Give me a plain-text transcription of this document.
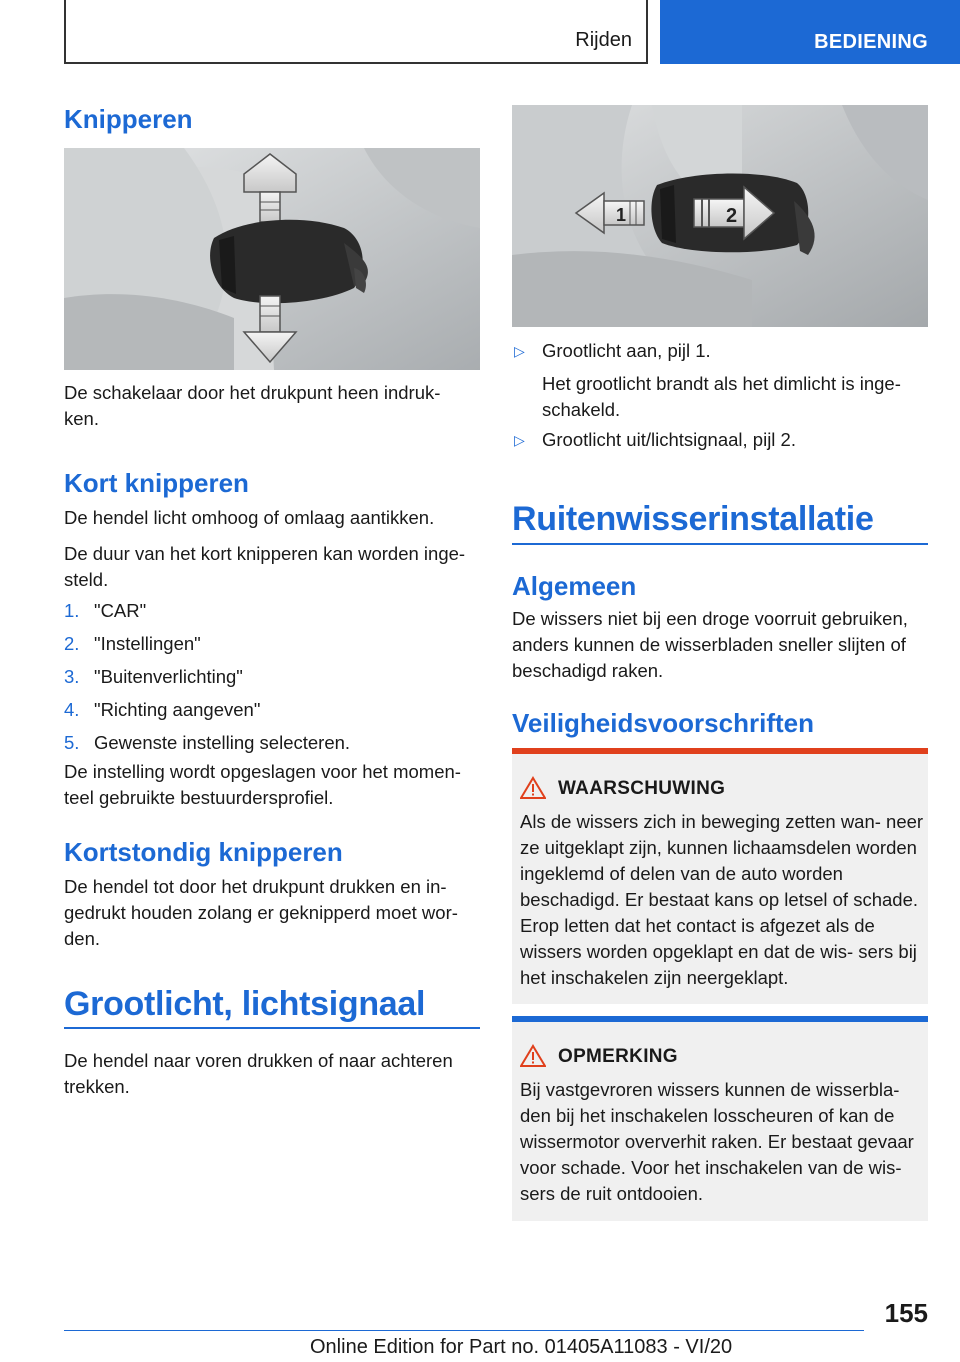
Rijden	BEDIENING
Knipperen

De schakelaar door het drukpunt heen indruk- ken.

Kort knipperen

De hendel licht omhoog of omlaag aantikken.

De duur van het kort knipperen kan worden inge- steld.

1. "CAR"
2. "Instellingen"
3. "Buitenverlichting"
4. "Richting aangeven"
5. Gewenste instelling selecteren.

De instelling wordt opgeslagen voor het momen- teel gebruikte bestuurdersprofiel.

Kortstondig knipperen

De hendel tot door het drukpunt drukken en in- gedrukt houden zolang er geknipperd moet wor- den.

Grootlicht, lichtsignaal

De hendel naar voren drukken of naar achteren trekken.

1	2
▷ Grootlicht aan, pijl 1.
Het grootlicht brandt als het dimlicht is inge- schakeld.
▷ Grootlicht uit/lichtsignaal, pijl 2.
Ruitenwisserinstallatie
Algemeen

De wissers niet bij een droge voorruit gebruiken, anders kunnen de wisserbladen sneller slijten of beschadigd raken.

Veiligheidsvoorschriften
WAARSCHUWING

Als de wissers zich in beweging zetten wan- neer ze uitgeklapt zijn, kunnen lichaamsdelen worden ingeklemd of delen van de auto worden beschadigd. Er bestaat kans op letsel of schade. Erop letten dat het contact is afgezet als de wissers worden opgeklapt en dat de wis- sers bij het inschakelen zijn neergeklapt.

OPMERKING

Bij vastgevroren wissers kunnen de wisserbla- den bij het inschakelen losscheuren of kan de wissermotor oververhit raken. Er bestaat gevaar voor schade. Voor het inschakelen van de wis- sers de ruit ontdooien.

155
Online Edition for Part no. 01405A11083 - VI/20
